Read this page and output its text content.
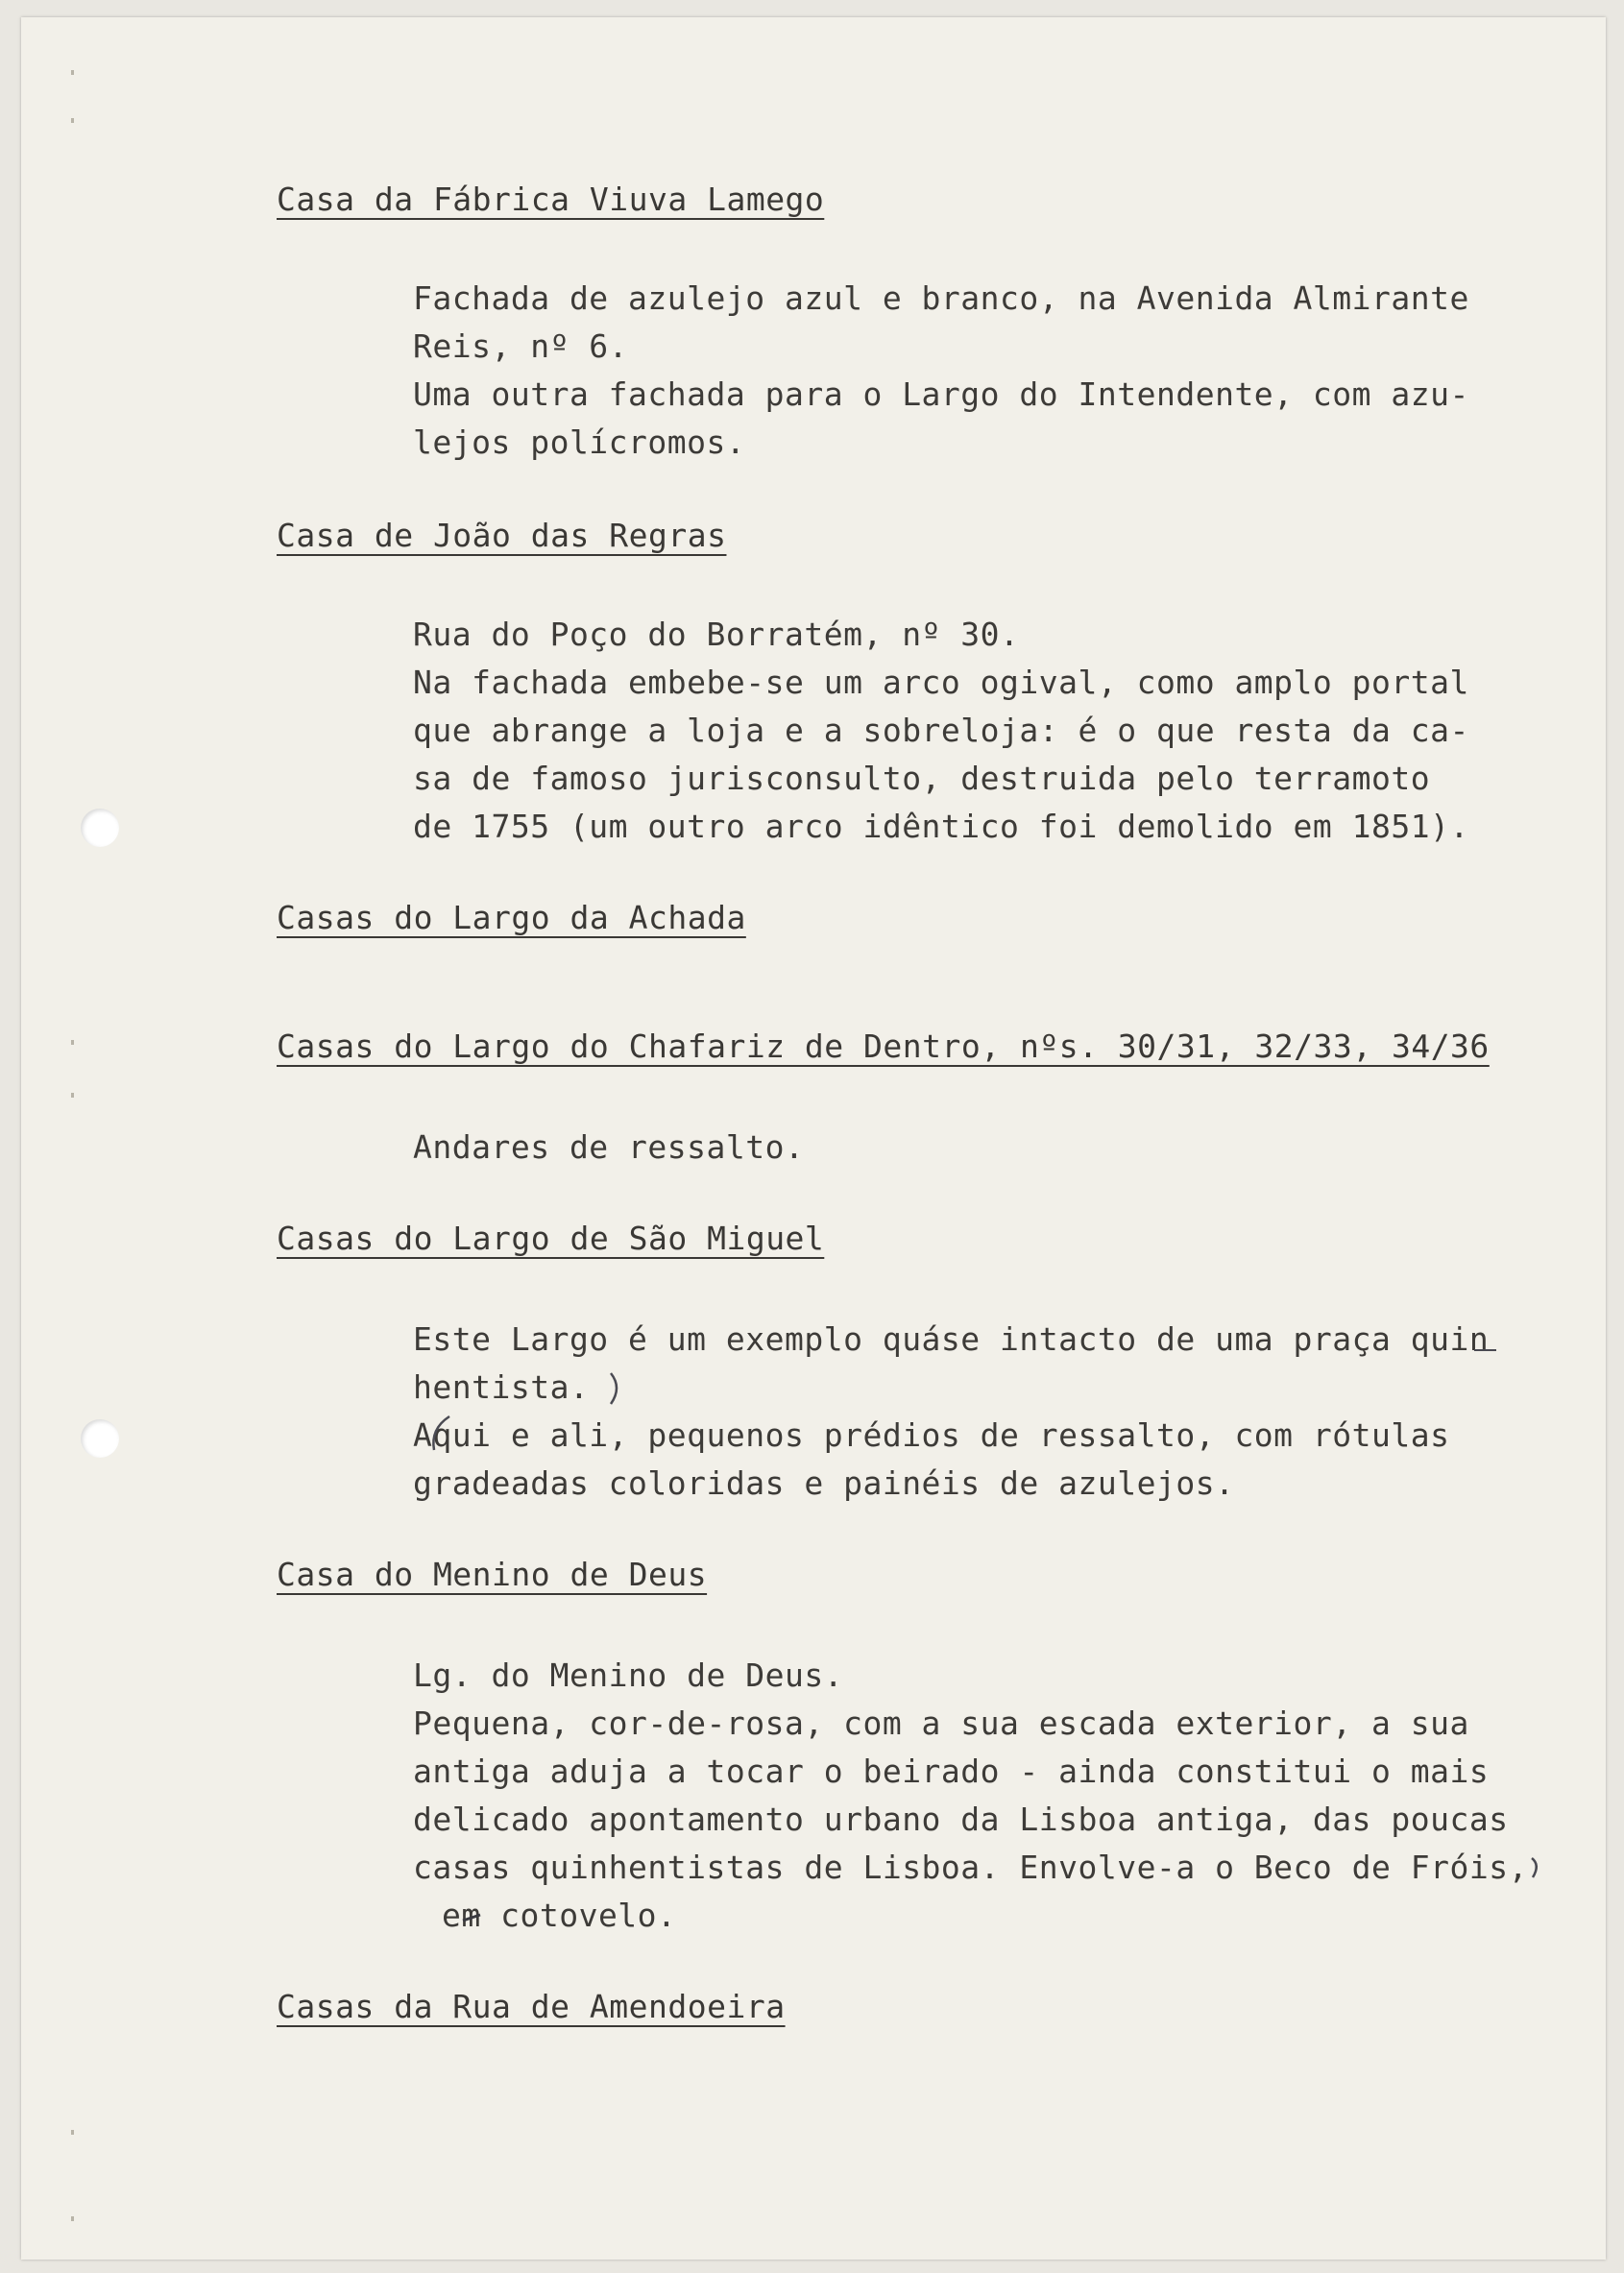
Casa da Fábrica Viuva Lamego
Fachada de azulejo azul e branco, na Avenida Almirante
Reis, nº 6.
Uma outra fachada para o Largo do Intendente, com azu-
lejos polícromos.
Casa de João das Regras
Rua do Poço do Borratém, nº 30.
Na fachada embebe-se um arco ogival, como amplo portal
que abrange a loja e a sobreloja: é o que resta da ca-
sa de famoso jurisconsulto, destruida pelo terramoto
de 1755 (um outro arco idêntico foi demolido em 1851).
Casas do Largo da Achada
Casas do Largo do Chafariz de Dentro, nºs. 30/31, 32/33, 34/36
Andares de ressalto.
Casas do Largo de São Miguel
Este Largo é um exemplo quáse intacto de uma praça quin
hentista.
Aqui e ali, pequenos prédios de ressalto, com rótulas
gradeadas coloridas e painéis de azulejos.
Casa do Menino de Deus
Lg. do Menino de Deus.
Pequena, cor-de-rosa, com a sua escada exterior, a sua
antiga aduja a tocar o beirado - ainda constitui o mais
delicado apontamento urbano da Lisboa antiga, das poucas
casas quinhentistas de Lisboa. Envolve-a o Beco de Fróis,
em cotovelo.
Casas da Rua de Amendoeira
